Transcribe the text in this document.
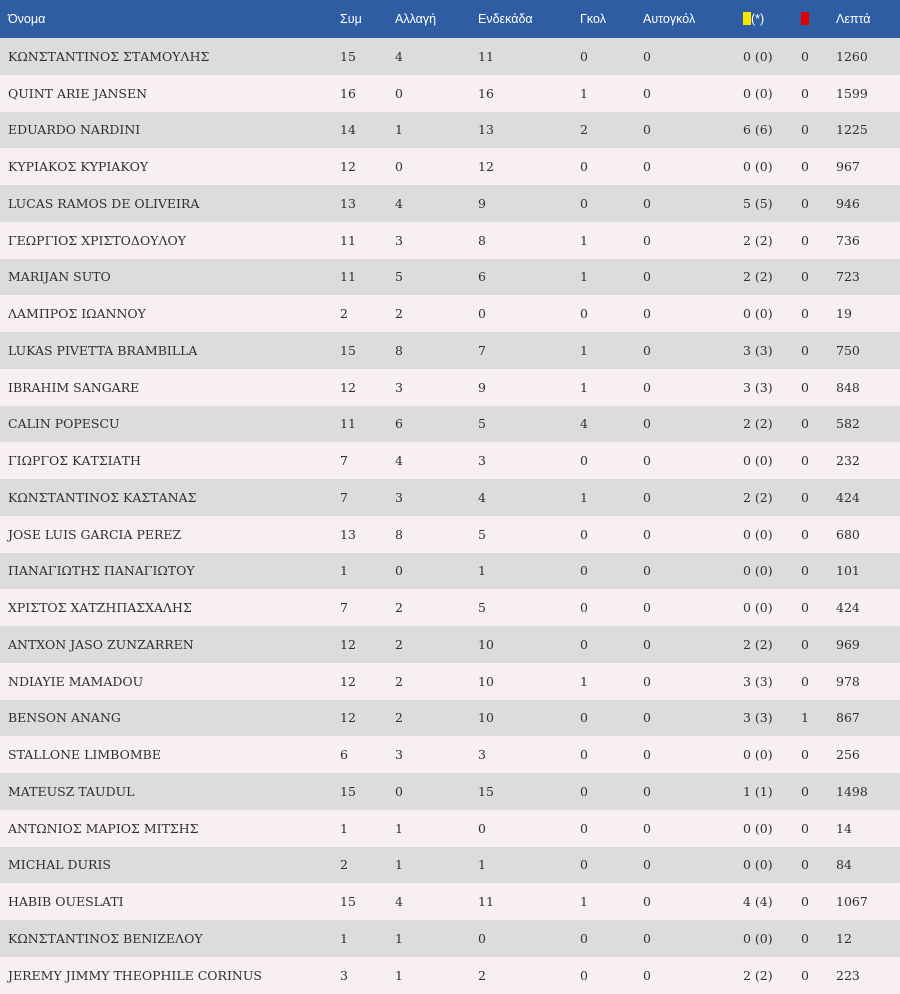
Όνομα	Συμ	Αλλαγή	Ενδεκάδα	Γκολ	Αυτογκόλ	(*)		Λεπτά
ΚΩΝΣΤΑΝΤΙΝΟΣ ΣΤΑΜΟΥΛΗΣ	15	4	11	0	0	0 (0)	0	1260
QUINT ARIE JANSEN	16	0	16	1	0	0 (0)	0	1599
EDUARDO NARDINI	14	1	13	2	0	6 (6)	0	1225
ΚΥΡΙΑΚΟΣ ΚΥΡΙΑΚΟΥ	12	0	12	0	0	0 (0)	0	967
LUCAS RAMOS DE OLIVEIRA	13	4	9	0	0	5 (5)	0	946
ΓΕΩΡΓΙΟΣ ΧΡΙΣΤΟΔΟΥΛΟΥ	11	3	8	1	0	2 (2)	0	736
MARIJAN SUTO	11	5	6	1	0	2 (2)	0	723
ΛΑΜΠΡΟΣ ΙΩΑΝΝΟΥ	2	2	0	0	0	0 (0)	0	19
LUKAS PIVETTA BRAMBILLA	15	8	7	1	0	3 (3)	0	750
IBRAHIM SANGARE	12	3	9	1	0	3 (3)	0	848
CALIN POPESCU	11	6	5	4	0	2 (2)	0	582
ΓΙΩΡΓΟΣ ΚΑΤΣΙΑΤΗ	7	4	3	0	0	0 (0)	0	232
ΚΩΝΣΤΑΝΤΙΝΟΣ ΚΑΣΤΑΝΑΣ	7	3	4	1	0	2 (2)	0	424
JOSE LUIS GARCIA PEREZ	13	8	5	0	0	0 (0)	0	680
ΠΑΝΑΓΙΩΤΗΣ ΠΑΝΑΓΙΩΤΟΥ	1	0	1	0	0	0 (0)	0	101
ΧΡΙΣΤΟΣ ΧΑΤΖΗΠΑΣΧΑΛΗΣ	7	2	5	0	0	0 (0)	0	424
ANTXON JASO ZUNZARREN	12	2	10	0	0	2 (2)	0	969
NDIAYIE MAMADOU	12	2	10	1	0	3 (3)	0	978
BENSON ANANG	12	2	10	0	0	3 (3)	1	867
STALLONE LIMBOMBE	6	3	3	0	0	0 (0)	0	256
MATEUSZ TAUDUL	15	0	15	0	0	1 (1)	0	1498
ΑΝΤΩΝΙΟΣ ΜΑΡΙΟΣ ΜΙΤΣΗΣ	1	1	0	0	0	0 (0)	0	14
MICHAL DURIS	2	1	1	0	0	0 (0)	0	84
HABIB OUESLATI	15	4	11	1	0	4 (4)	0	1067
ΚΩΝΣΤΑΝΤΙΝΟΣ ΒΕΝΙΖΕΛΟΥ	1	1	0	0	0	0 (0)	0	12
JEREMY JIMMY THEOPHILE CORINUS	3	1	2	0	0	2 (2)	0	223
